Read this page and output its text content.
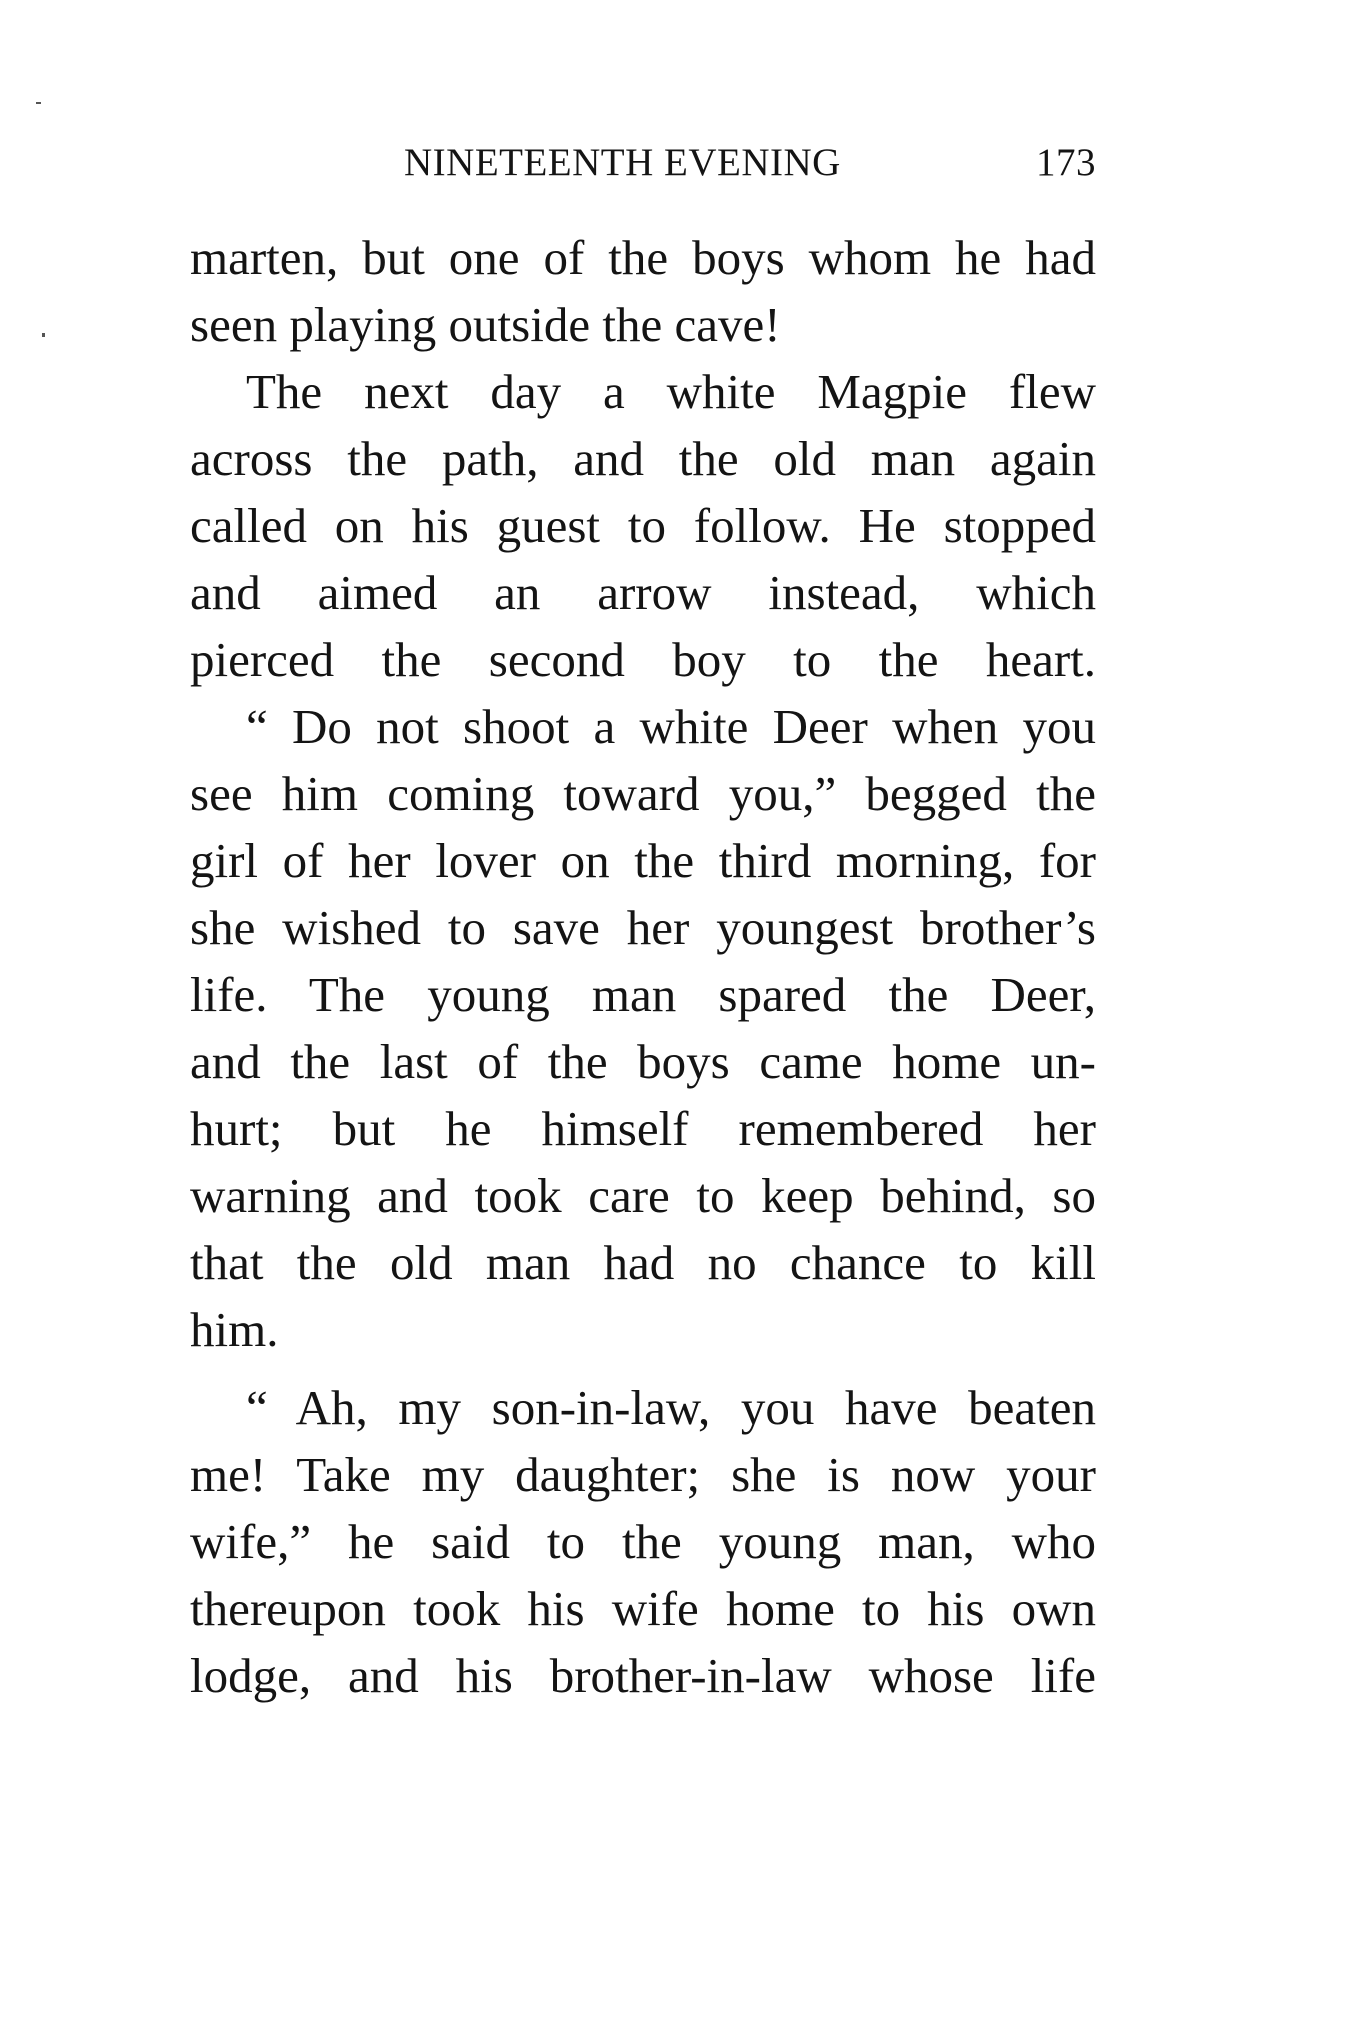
NINETEENTH EVENING	173
marten, but one of the boys whom he had
seen playing outside the cave!
The next day a white Magpie flew
across the path, and the old man again
called on his guest to follow. He stopped
and aimed an arrow instead, which
pierced the second boy to the heart.
“ Do not shoot a white Deer when you
see him coming toward you,” begged the
girl of her lover on the third morning, for
she wished to save her youngest brother’s
life. The young man spared the Deer,
and the last of the boys came home un-
hurt; but he himself remembered her
warning and took care to keep behind, so
that the old man had no chance to kill
him.
“ Ah, my son-in-law, you have beaten
me! Take my daughter; she is now your
wife,” he said to the young man, who
thereupon took his wife home to his own
lodge, and his brother-in-law whose life
